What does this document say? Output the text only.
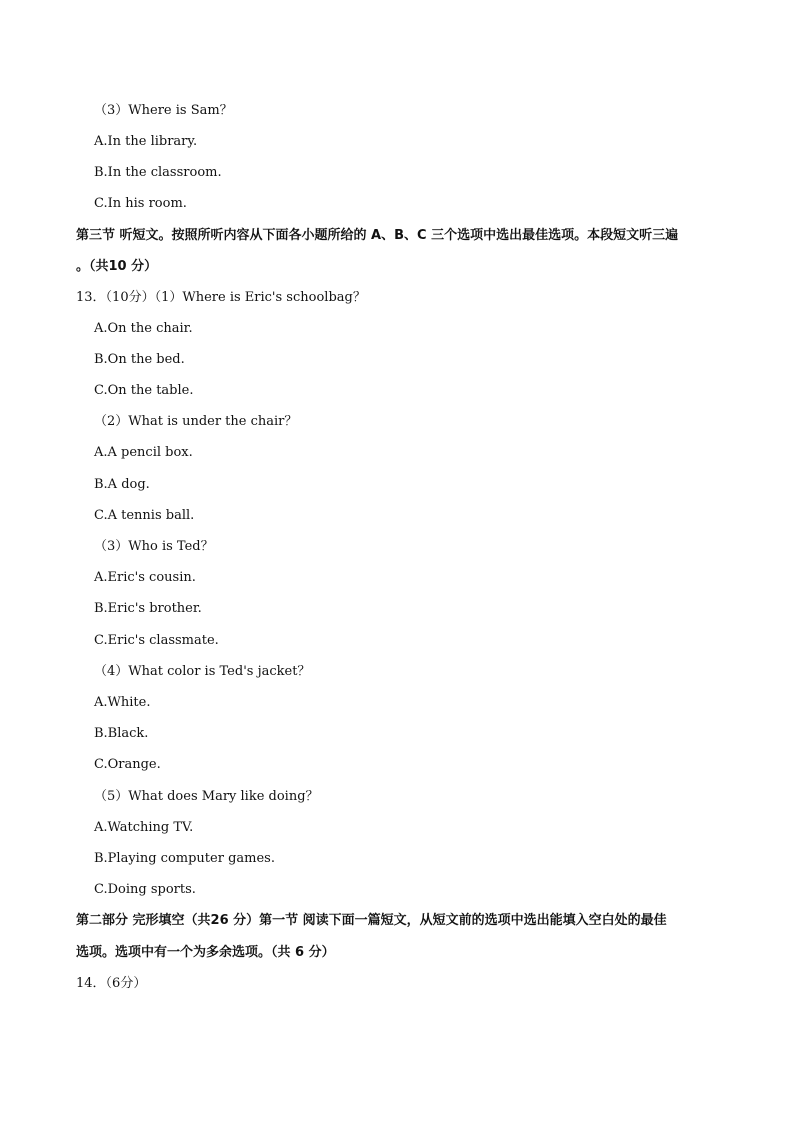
（3）Where is Sam？
A.In the library.
B.In the classroom.
C.In his room.
第三节 听短文。按照所听内容从下面各小题所给的 A、B、C 三个选项中选出最佳选项。本段短文听三遍
。（共10 分）
13．（10分）（1）Where is Eric's schoolbag？
A.On the chair.
B.On the bed.
C.On the table.
（2）What is under the chair？
A.A pencil box.
B.A dog.
C.A tennis ball.
（3）Who is Ted？
A.Eric's cousin.
B.Eric's brother.
C.Eric's classmate.
（4）What color is Ted's jacket？
A.White.
B.Black.
C.Orange.
（5）What does Mary like doing？
A.Watching TV.
B.Playing computer games.
C.Doing sports.
第二部分 完形填空（共26 分）第一节 阅读下面一篇短文，从短文前的选项中选出能填入空白处的最佳
选项。选项中有一个为多余选项。（共 6 分）
14．（6分）
